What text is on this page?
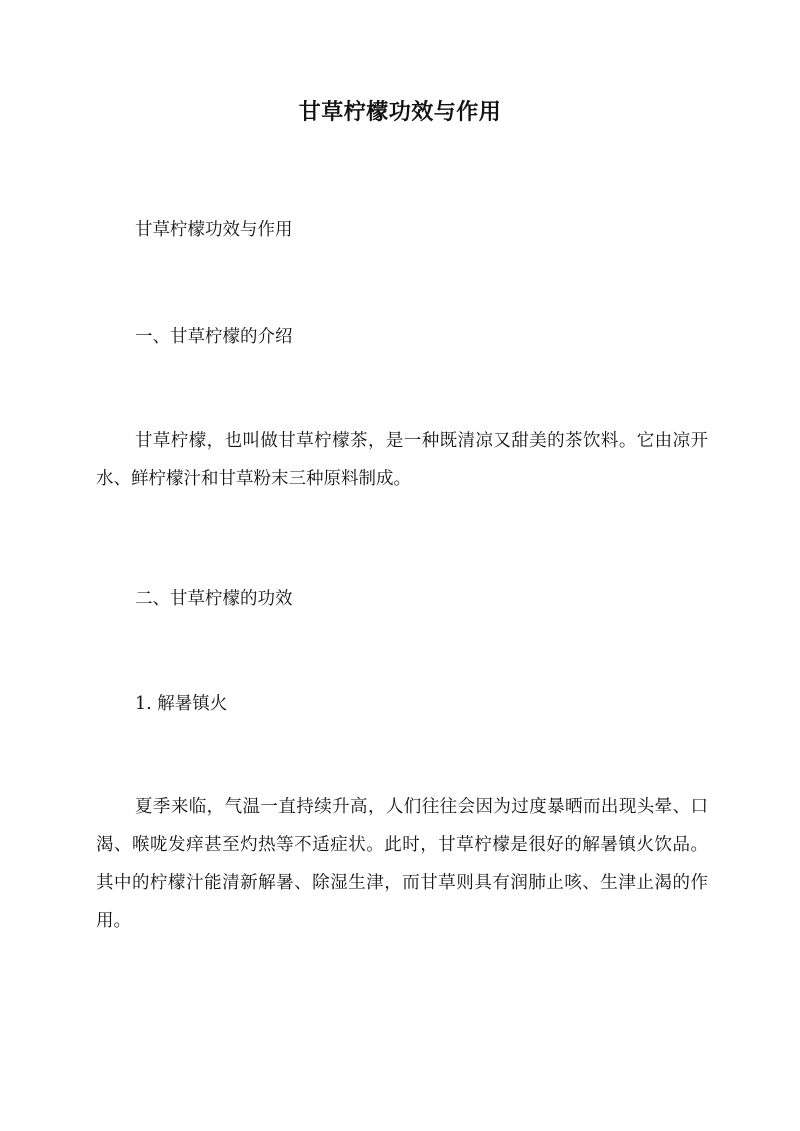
甘草柠檬功效与作用
甘草柠檬功效与作用
一、甘草柠檬的介绍
甘草柠檬，也叫做甘草柠檬茶，是一种既清凉又甜美的茶饮料。它由凉开水、鲜柠檬汁和甘草粉末三种原料制成。
二、甘草柠檬的功效
1. 解暑镇火
夏季来临，气温一直持续升高，人们往往会因为过度暴晒而出现头晕、口渴、喉咙发痒甚至灼热等不适症状。此时，甘草柠檬是很好的解暑镇火饮品。其中的柠檬汁能清新解暑、除湿生津，而甘草则具有润肺止咳、生津止渴的作用。
